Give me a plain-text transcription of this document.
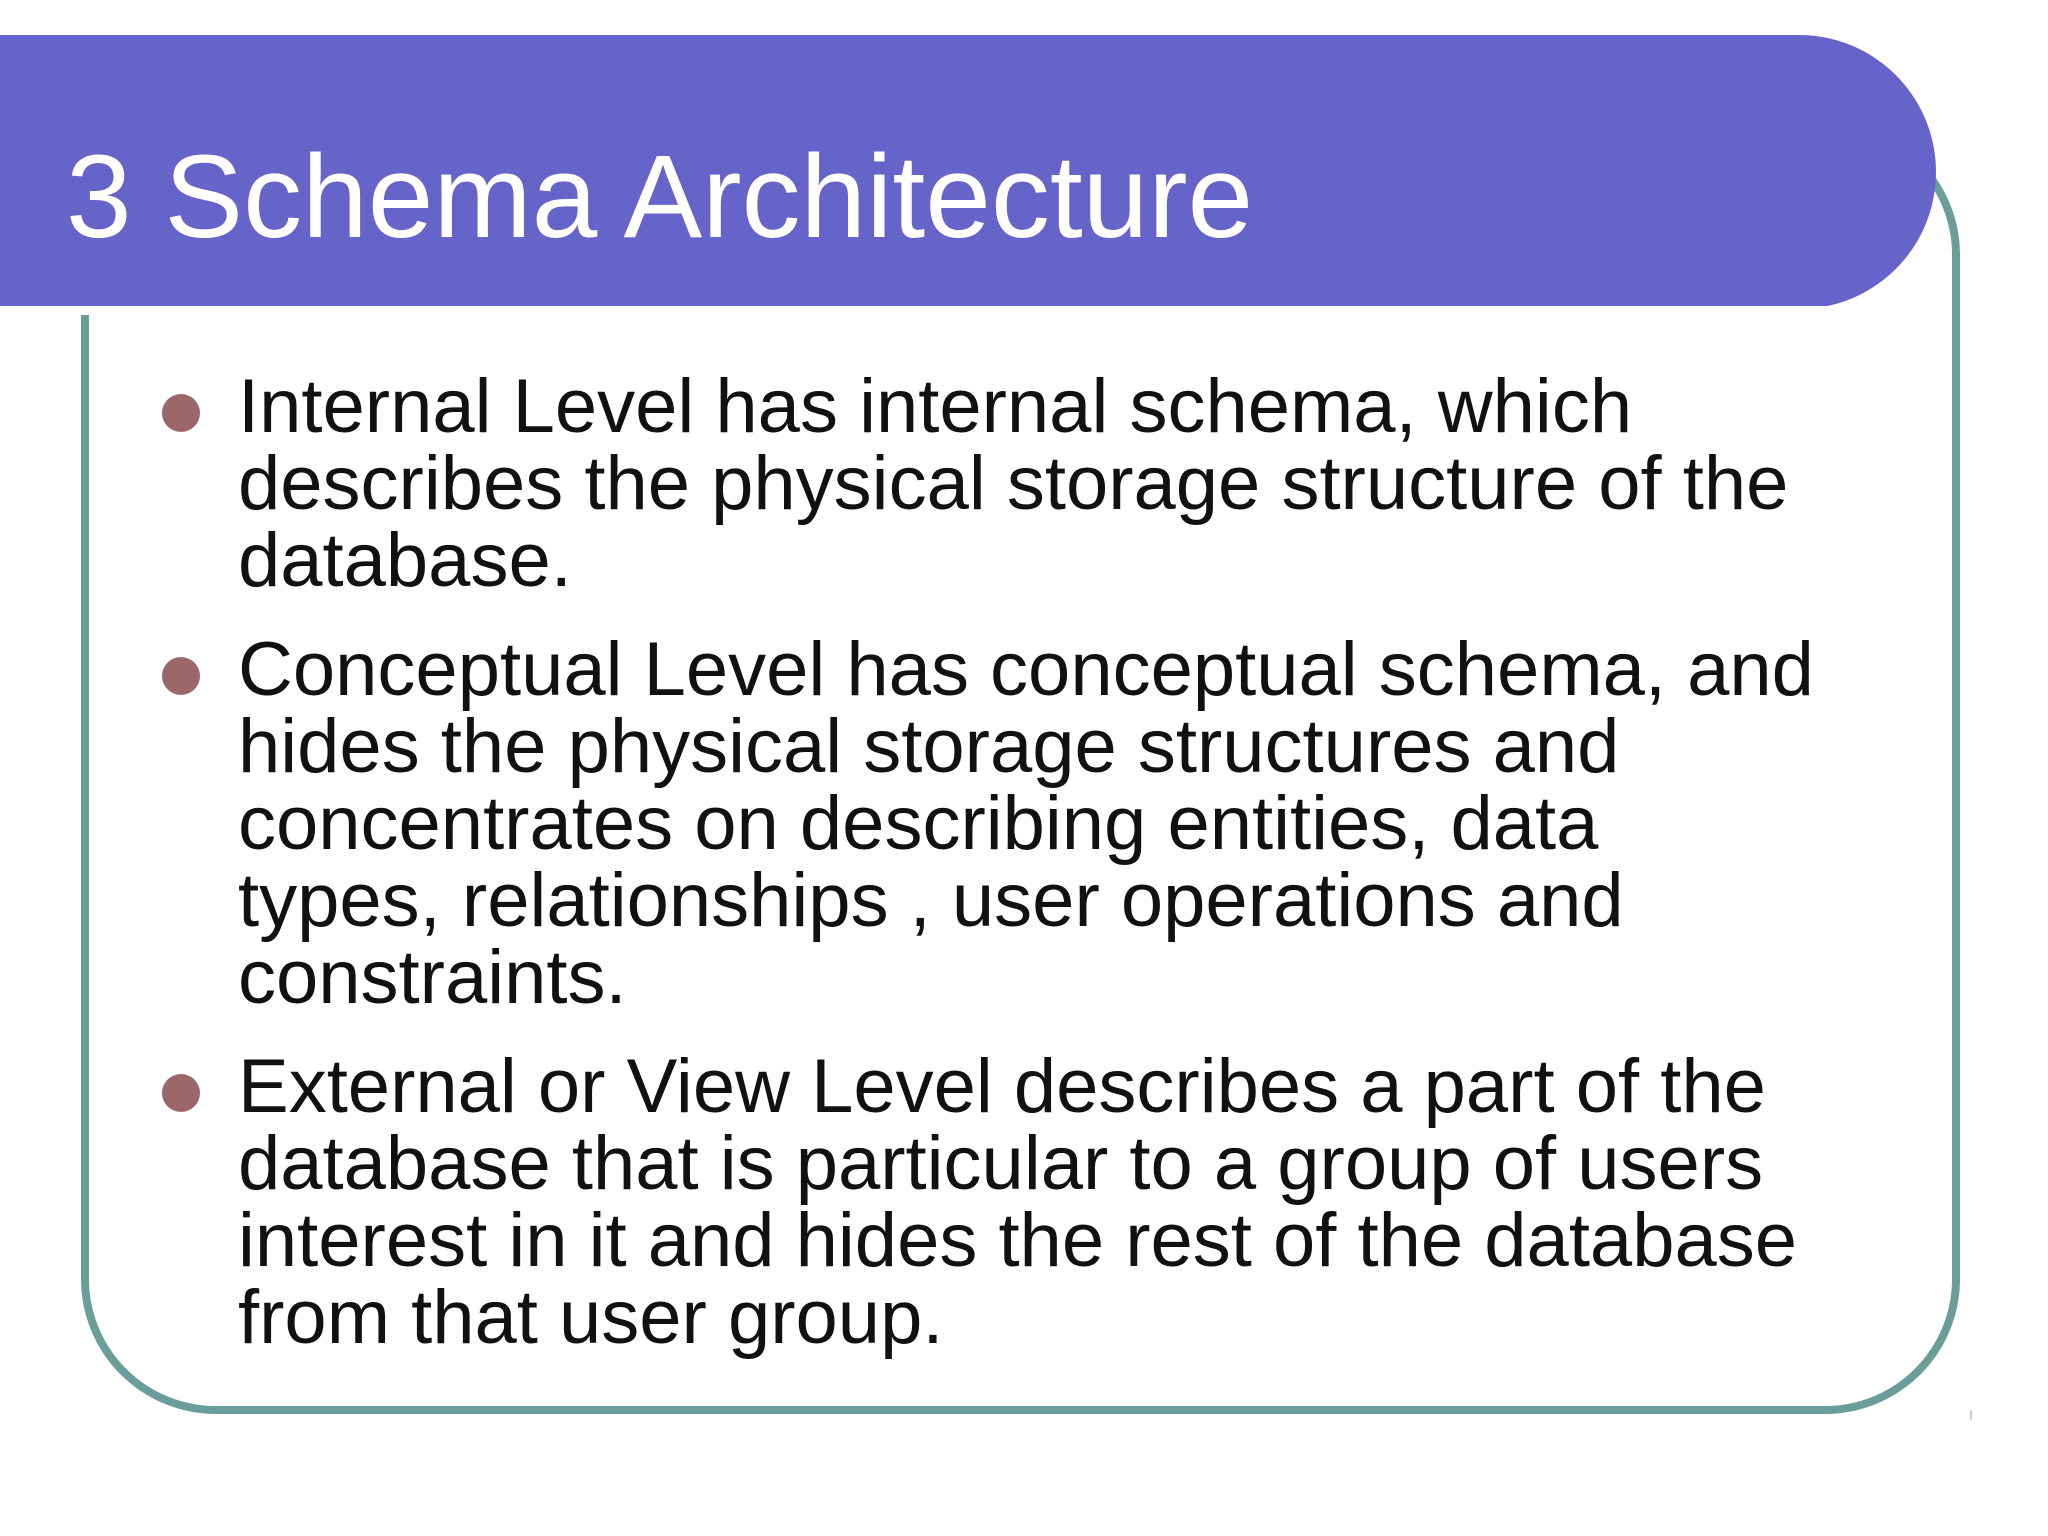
3 Schema Architecture
Internal Level has internal schema, which
describes the physical storage structure of the
database.
Conceptual Level has conceptual schema, and
hides the physical storage structures and
concentrates on describing entities, data
types, relationships , user operations and
constraints.
External or View Level describes a part of the
database that is particular to a group of users
interest in it and hides the rest of the database
from that user group.
